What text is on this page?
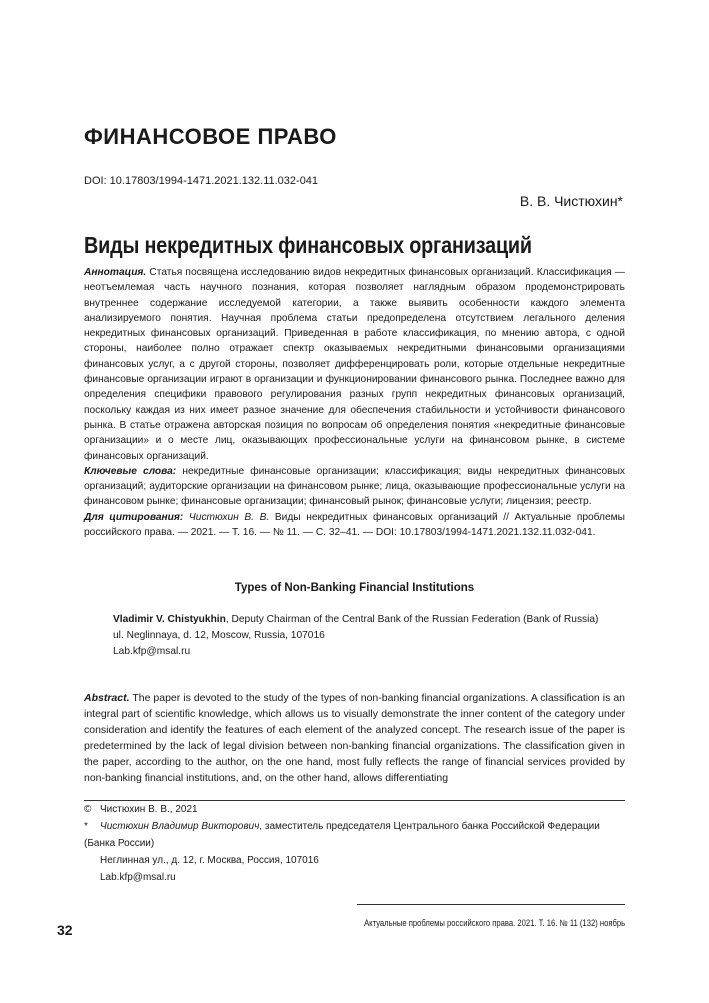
ФИНАНСОВОЕ ПРАВО
DOI: 10.17803/1994-1471.2021.132.11.032-041
В. В. Чистюхин*
Виды некредитных финансовых организаций

Аннотация. Статья посвящена исследованию видов некредитных финансовых организаций. Классификация — неотъемлемая часть научного познания, которая позволяет наглядным образом продемонстрировать внутреннее содержание исследуемой категории, а также выявить особенности каждого элемента анализируемого понятия. Научная проблема статьи предопределена отсутствием легального деления некредитных финансовых организаций. Приведенная в работе классификация, по мнению автора, с одной стороны, наиболее полно отражает спектр оказываемых некредитными финансовыми организациями финансовых услуг, а с другой стороны, позволяет дифференцировать роли, которые отдельные некредитные финансовые организации играют в организации и функционировании финансового рынка. Последнее важно для определения специфики правового регулирования разных групп некредитных финансовых организаций, поскольку каждая из них имеет разное значение для обеспечения стабильности и устойчивости финансового рынка. В статье отражена авторская позиция по вопросам об определения понятия «некредитные финансовые организации» и о месте лиц, оказывающих профессиональные услуги на финансовом рынке, в системе финансовых организаций.

Ключевые слова: некредитные финансовые организации; классификация; виды некредитных финансовых организаций; аудиторские организации на финансовом рынке; лица, оказывающие профессиональные услуги на финансовом рынке; финансовые организации; финансовый рынок; финансовые услуги; лицензия; реестр.

Для цитирования: Чистюхин В. В. Виды некредитных финансовых организаций // Актуальные проблемы российского права. — 2021. — Т. 16. — № 11. — С. 32–41. — DOI: 10.17803/1994-1471.2021.132.11.032-041.

Types of Non-Banking Financial Institutions
Vladimir V. Chistyukhin, Deputy Chairman of the Central Bank of the Russian Federation (Bank of Russia)
ul. Neglinnaya, d. 12, Moscow, Russia, 107016
Lab.kfp@msal.ru
Abstract. The paper is devoted to the study of the types of non-banking financial organizations. A classification is an integral part of scientific knowledge, which allows us to visually demonstrate the inner content of the category under consideration and identify the features of each element of the analyzed concept. The research issue of the paper is predetermined by the lack of legal division between non-banking financial organizations. The classification given in the paper, according to the author, on the one hand, most fully reflects the range of financial services provided by non-banking financial institutions, and, on the other hand, allows differentiating
© Чистюхин В. В., 2021
* Чистюхин Владимир Викторович, заместитель председателя Центрального банка Российской Федерации (Банка России)
Неглинная ул., д. 12, г. Москва, Россия, 107016
Lab.kfp@msal.ru
Актуальные проблемы российского права. 2021. Т. 16. № 11 (132) ноябрь
32
